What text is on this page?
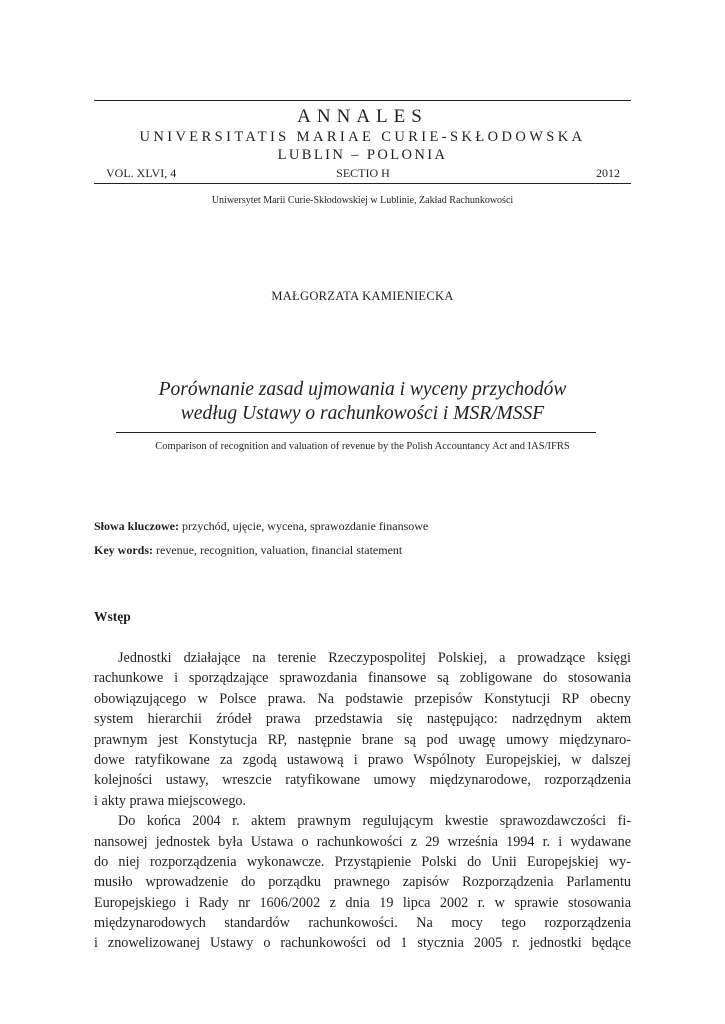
ANNALES
UNIVERSITATIS MARIAE CURIE-SKŁODOWSKA
LUBLIN – POLONIA
VOL. XLVI, 4	SECTIO H	2012
Uniwersytet Marii Curie-Skłodowskiej w Lublinie, Zakład Rachunkowości
MAŁGORZATA KAMIENIECKA
Porównanie zasad ujmowania i wyceny przychodów
według Ustawy o rachunkowości i MSR/MSSF
Comparison of recognition and valuation of revenue by the Polish Accountancy Act and IAS/IFRS
Słowa kluczowe: przychód, ujęcie, wycena, sprawozdanie finansowe
Key words: revenue, recognition, valuation, financial statement
Wstęp
Jednostki działające na terenie Rzeczypospolitej Polskiej, a prowadzące księgi
rachunkowe i sporządzające sprawozdania finansowe są zobligowane do stosowania
obowiązującego w Polsce prawa. Na podstawie przepisów Konstytucji RP obecny
system hierarchii źródeł prawa przedstawia się następująco: nadrzędnym aktem
prawnym jest Konstytucja RP, następnie brane są pod uwagę umowy międzynaro-
dowe ratyfikowane za zgodą ustawową i prawo Wspólnoty Europejskiej, w dalszej
kolejności ustawy, wreszcie ratyfikowane umowy międzynarodowe, rozporządzenia
i akty prawa miejscowego.
Do końca 2004 r. aktem prawnym regulującym kwestie sprawozdawczości fi-
nansowej jednostek była Ustawa o rachunkowości z 29 września 1994 r. i wydawane
do niej rozporządzenia wykonawcze. Przystąpienie Polski do Unii Europejskiej wy-
musiło wprowadzenie do porządku prawnego zapisów Rozporządzenia Parlamentu
Europejskiego i Rady nr 1606/2002 z dnia 19 lipca 2002 r. w sprawie stosowania
międzynarodowych standardów rachunkowości. Na mocy tego rozporządzenia
i znowelizowanej Ustawy o rachunkowości od 1 stycznia 2005 r. jednostki będące
